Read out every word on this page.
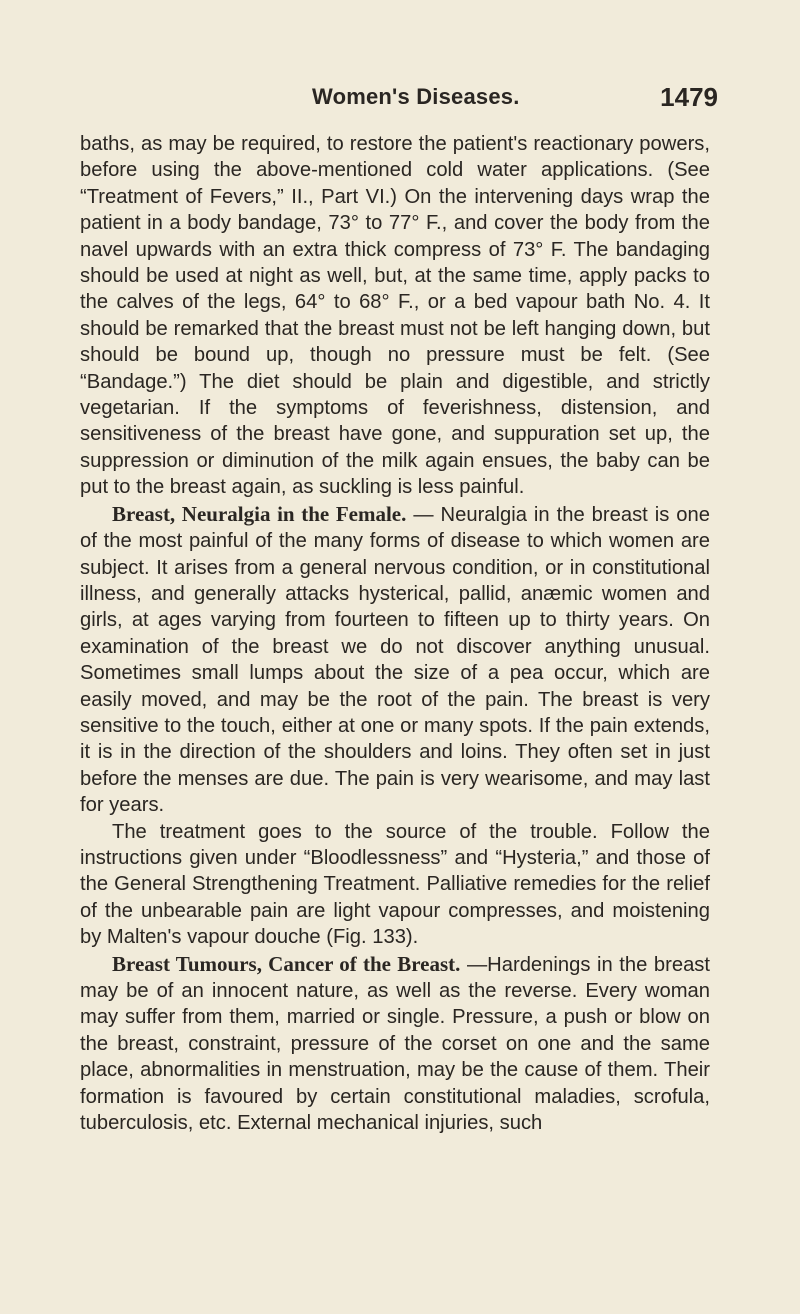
Women's Diseases.	1479

baths, as may be required, to restore the patient's reactionary powers, before using the above-mentioned cold water applications. (See “Treatment of Fevers,” II., Part VI.) On the intervening days wrap the patient in a body bandage, 73° to 77° F., and cover the body from the navel upwards with an extra thick compress of 73° F. The bandaging should be used at night as well, but, at the same time, apply packs to the calves of the legs, 64° to 68° F., or a bed vapour bath No. 4. It should be remarked that the breast must not be left hanging down, but should be bound up, though no pressure must be felt. (See “Bandage.”) The diet should be plain and digestible, and strictly vegetarian. If the symptoms of feverishness, distension, and sensitiveness of the breast have gone, and suppuration set up, the suppression or diminution of the milk again ensues, the baby can be put to the breast again, as suckling is less painful.

Breast, Neuralgia in the Female. — Neuralgia in the breast is one of the most painful of the many forms of disease to which women are subject. It arises from a general nervous condition, or in constitutional illness, and generally attacks hysterical, pallid, anæmic women and girls, at ages varying from fourteen to fifteen up to thirty years. On examination of the breast we do not discover anything unusual. Sometimes small lumps about the size of a pea occur, which are easily moved, and may be the root of the pain. The breast is very sensitive to the touch, either at one or many spots. If the pain extends, it is in the direction of the shoulders and loins. They often set in just before the menses are due. The pain is very wearisome, and may last for years.

The treatment goes to the source of the trouble. Follow the instructions given under “Bloodlessness” and “Hysteria,” and those of the General Strengthening Treatment. Palliative remedies for the relief of the unbearable pain are light vapour compresses, and moistening by Malten's vapour douche (Fig. 133).

Breast Tumours, Cancer of the Breast. —Hardenings in the breast may be of an innocent nature, as well as the reverse. Every woman may suffer from them, married or single. Pressure, a push or blow on the breast, constraint, pressure of the corset on one and the same place, abnormalities in menstruation, may be the cause of them. Their formation is favoured by certain constitutional maladies, scrofula, tuberculosis, etc. External mechanical injuries, such
